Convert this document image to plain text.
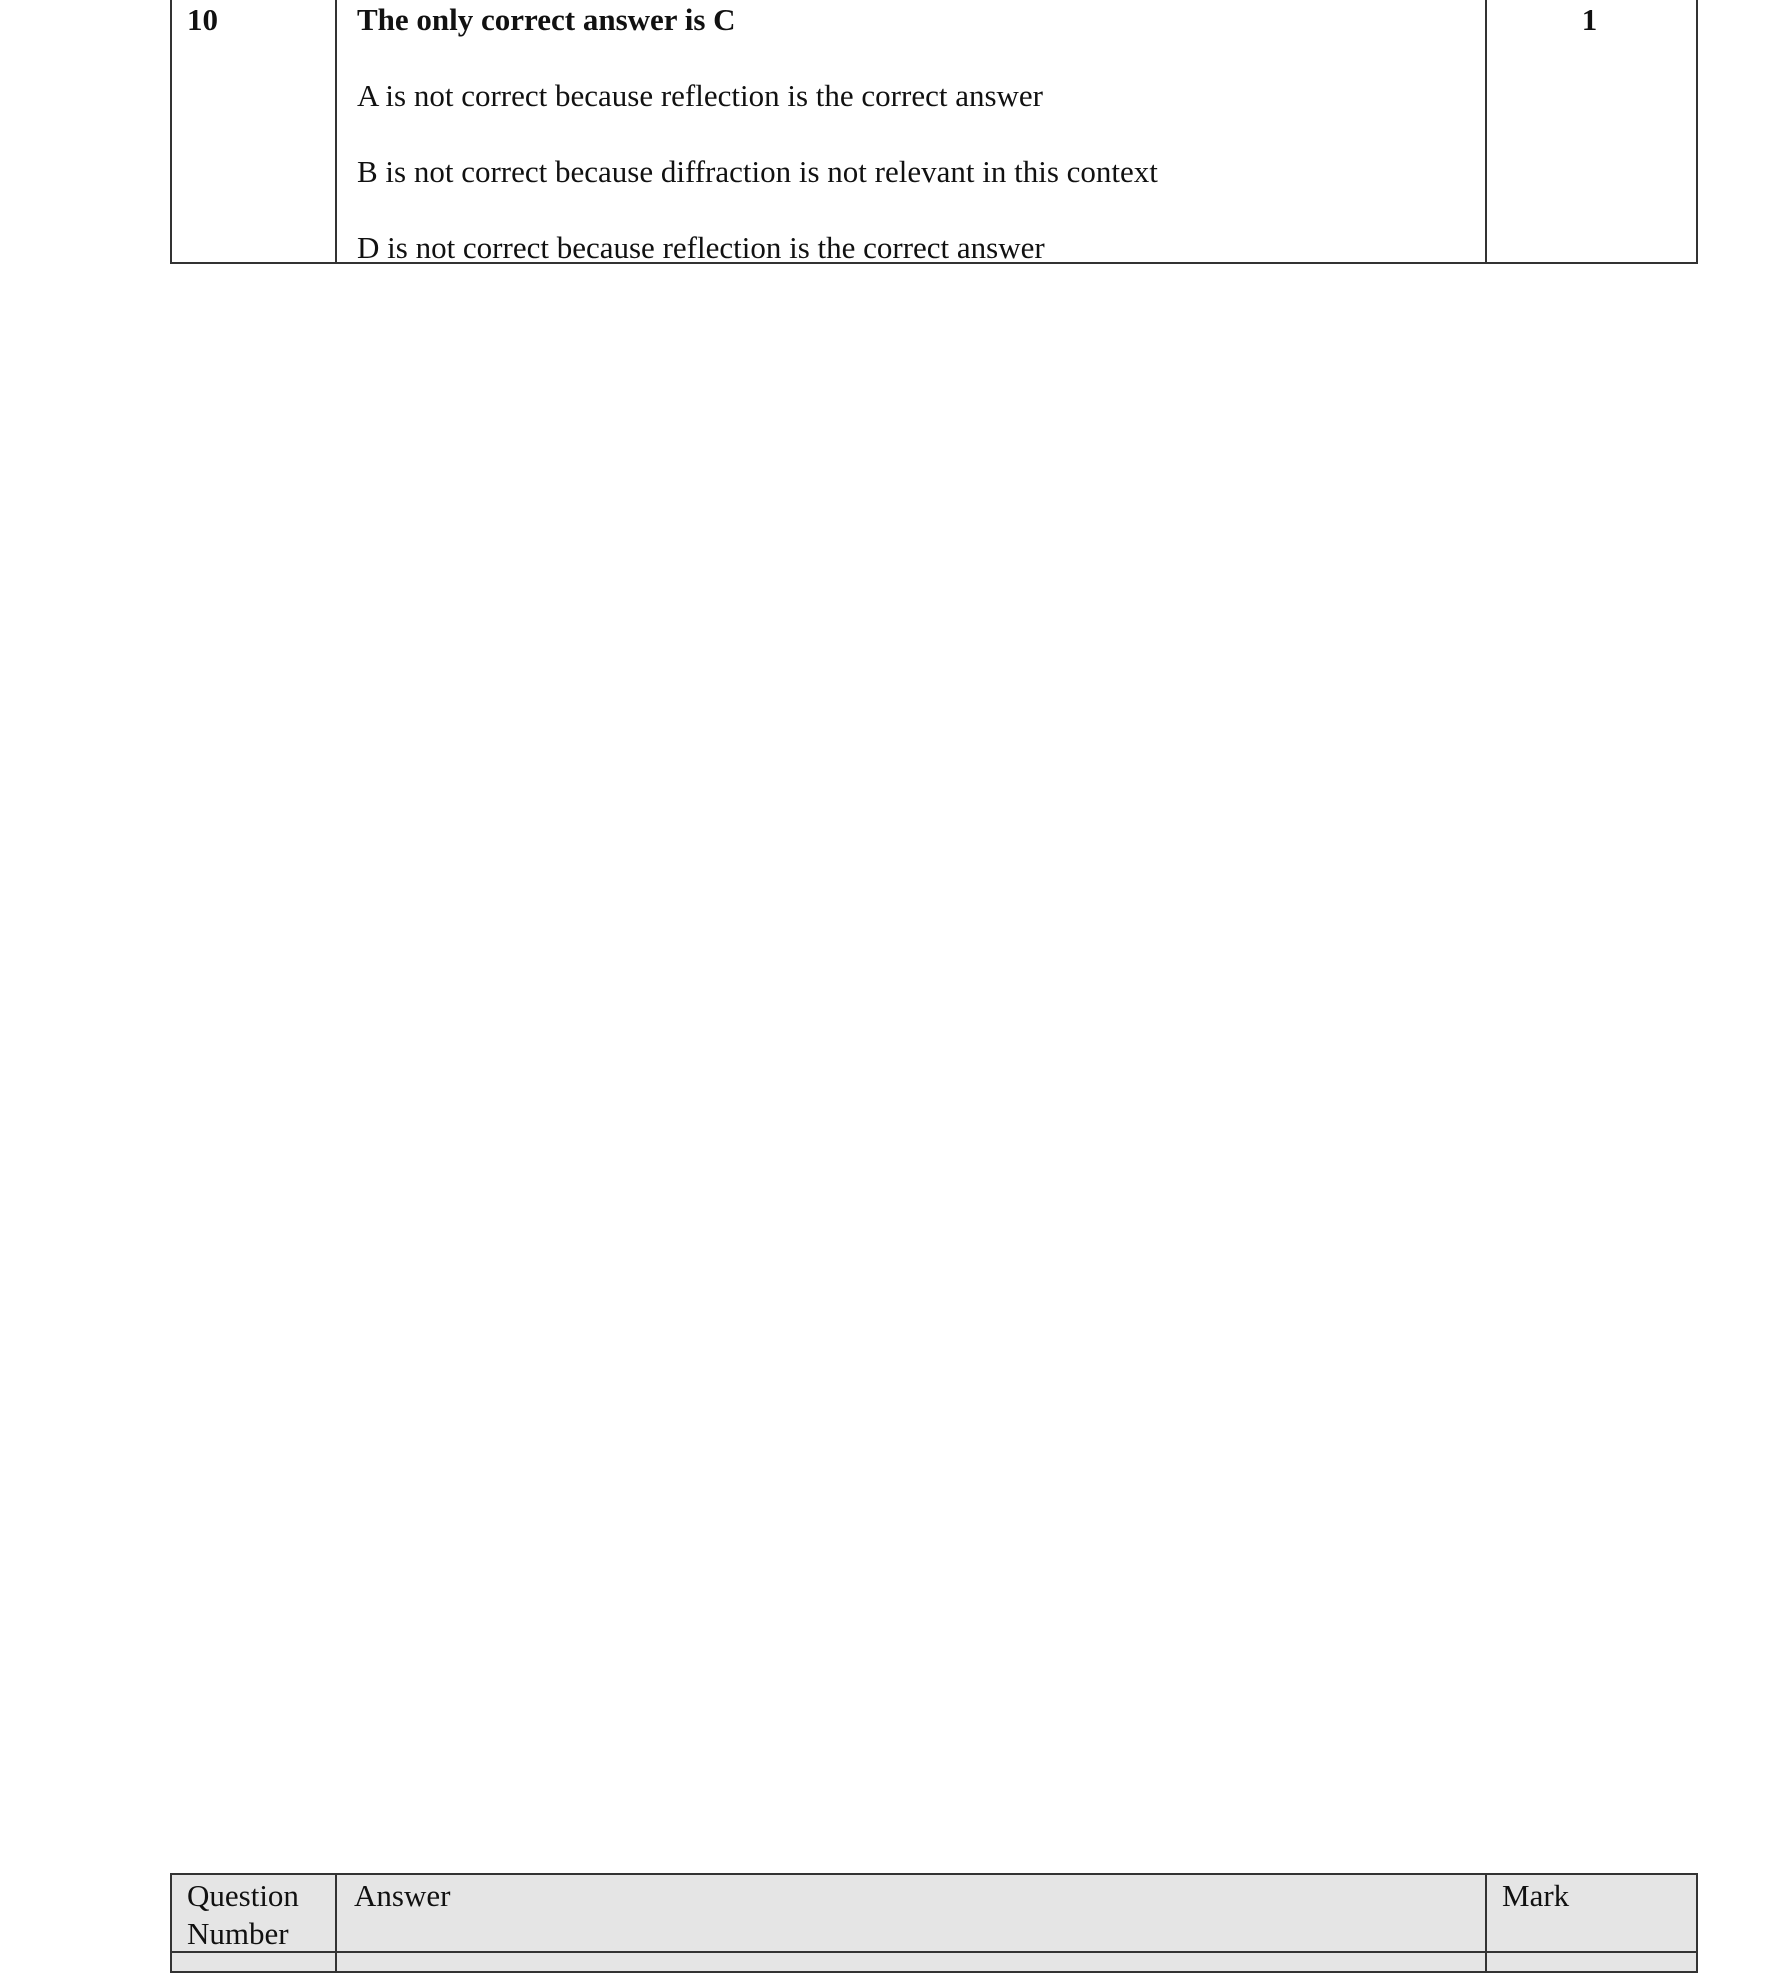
10	The only correct answer is C
A is not correct because reflection is the correct answer
B is not correct because diffraction is not relevant in this context
D is not correct because reflection is the correct answer
1
Question
Number
Answer	Mark
